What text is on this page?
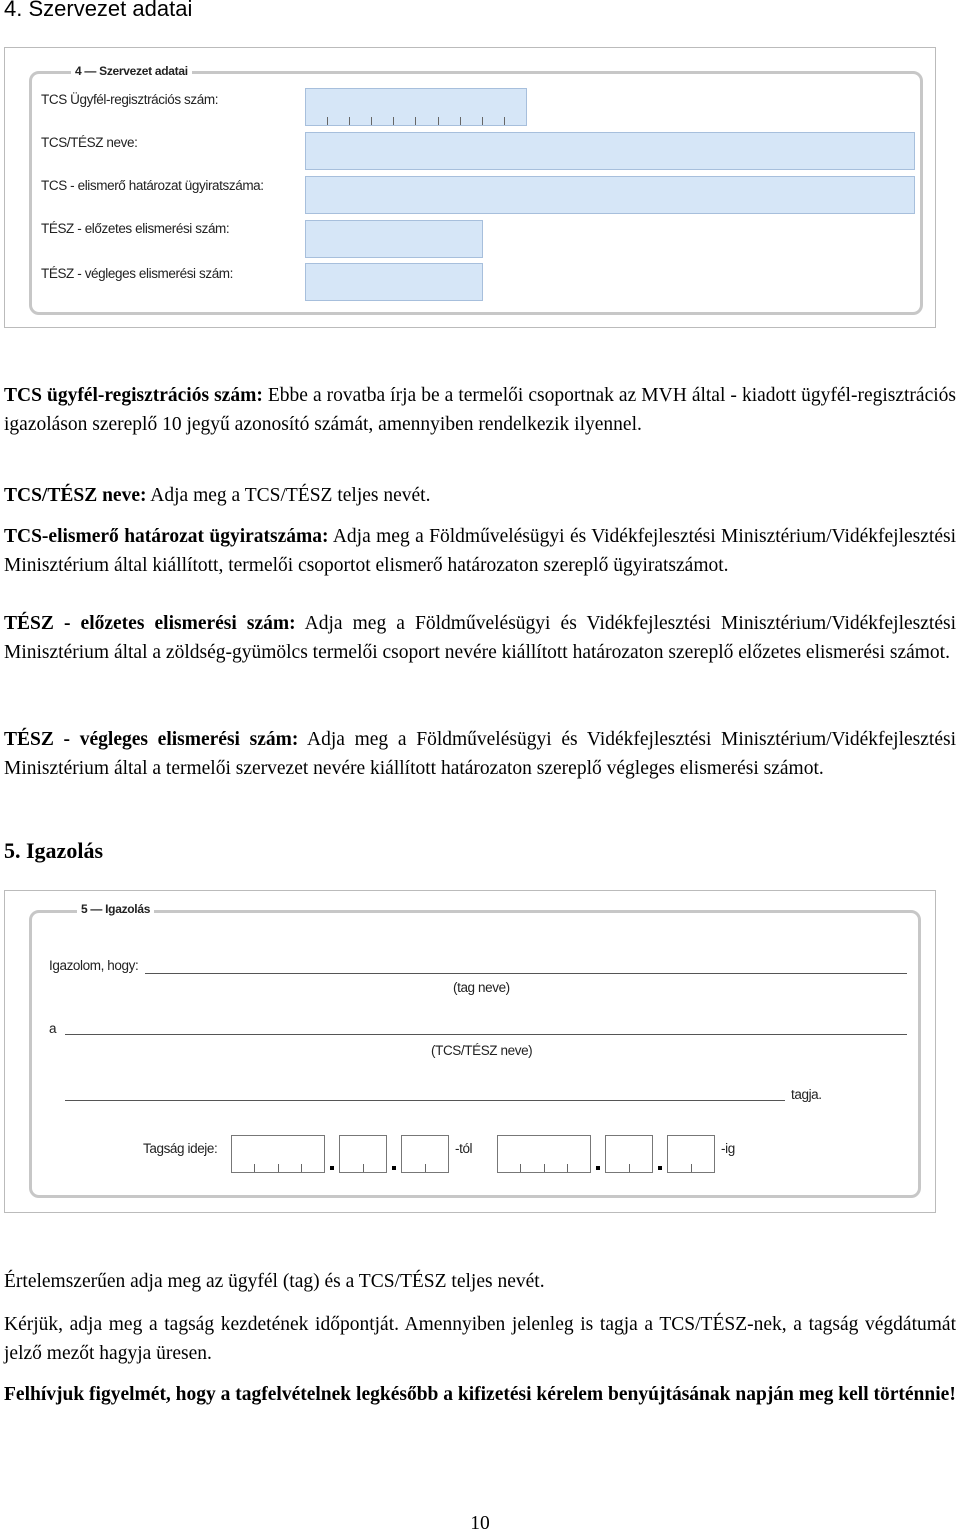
4. Szervezet adatai
4 — Szervezet adatai
TCS Ügyfél-regisztrációs szám:
TCS/TÉSZ neve:
TCS - elismerő határozat ügyiratszáma:
TÉSZ - előzetes elismerési szám:
TÉSZ - végleges elismerési szám:
TCS ügyfél-regisztrációs szám: Ebbe a rovatba írja be a termelői csoportnak az MVH által - kiadott ügyfél-regisztrációs igazoláson szereplő 10 jegyű azonosító számát, amennyiben rendelkezik ilyennel.
TCS/TÉSZ neve: Adja meg a TCS/TÉSZ teljes nevét.
TCS-elismerő határozat ügyiratszáma: Adja meg a Földművelésügyi és Vidékfejlesztési Minisztérium/Vidékfejlesztési Minisztérium által kiállított, termelői csoportot elismerő határozaton szereplő ügyiratszámot.
TÉSZ - előzetes elismerési szám: Adja meg a Földművelésügyi és Vidékfejlesztési Minisztérium/Vidékfejlesztési Minisztérium által a zöldség-gyümölcs termelői csoport nevére kiállított határozaton szereplő előzetes elismerési számot.
TÉSZ - végleges elismerési szám: Adja meg a Földművelésügyi és Vidékfejlesztési Minisztérium/Vidékfejlesztési Minisztérium által a termelői szervezet nevére kiállított határozaton szereplő végleges elismerési számot.
5. Igazolás
5 — Igazolás
Igazolom, hogy:
(tag neve)
a
(TCS/TÉSZ neve)
tagja.
Tagság ideje:	-tól	-ig
Értelemszerűen adja meg az ügyfél (tag) és a TCS/TÉSZ teljes nevét.
Kérjük, adja meg a tagság kezdetének időpontját. Amennyiben jelenleg is tagja a TCS/TÉSZ-nek, a tagság végdátumát jelző mezőt hagyja üresen.
Felhívjuk figyelmét, hogy a tagfelvételnek legkésőbb a kifizetési kérelem benyújtásának napján meg kell történnie!
10
